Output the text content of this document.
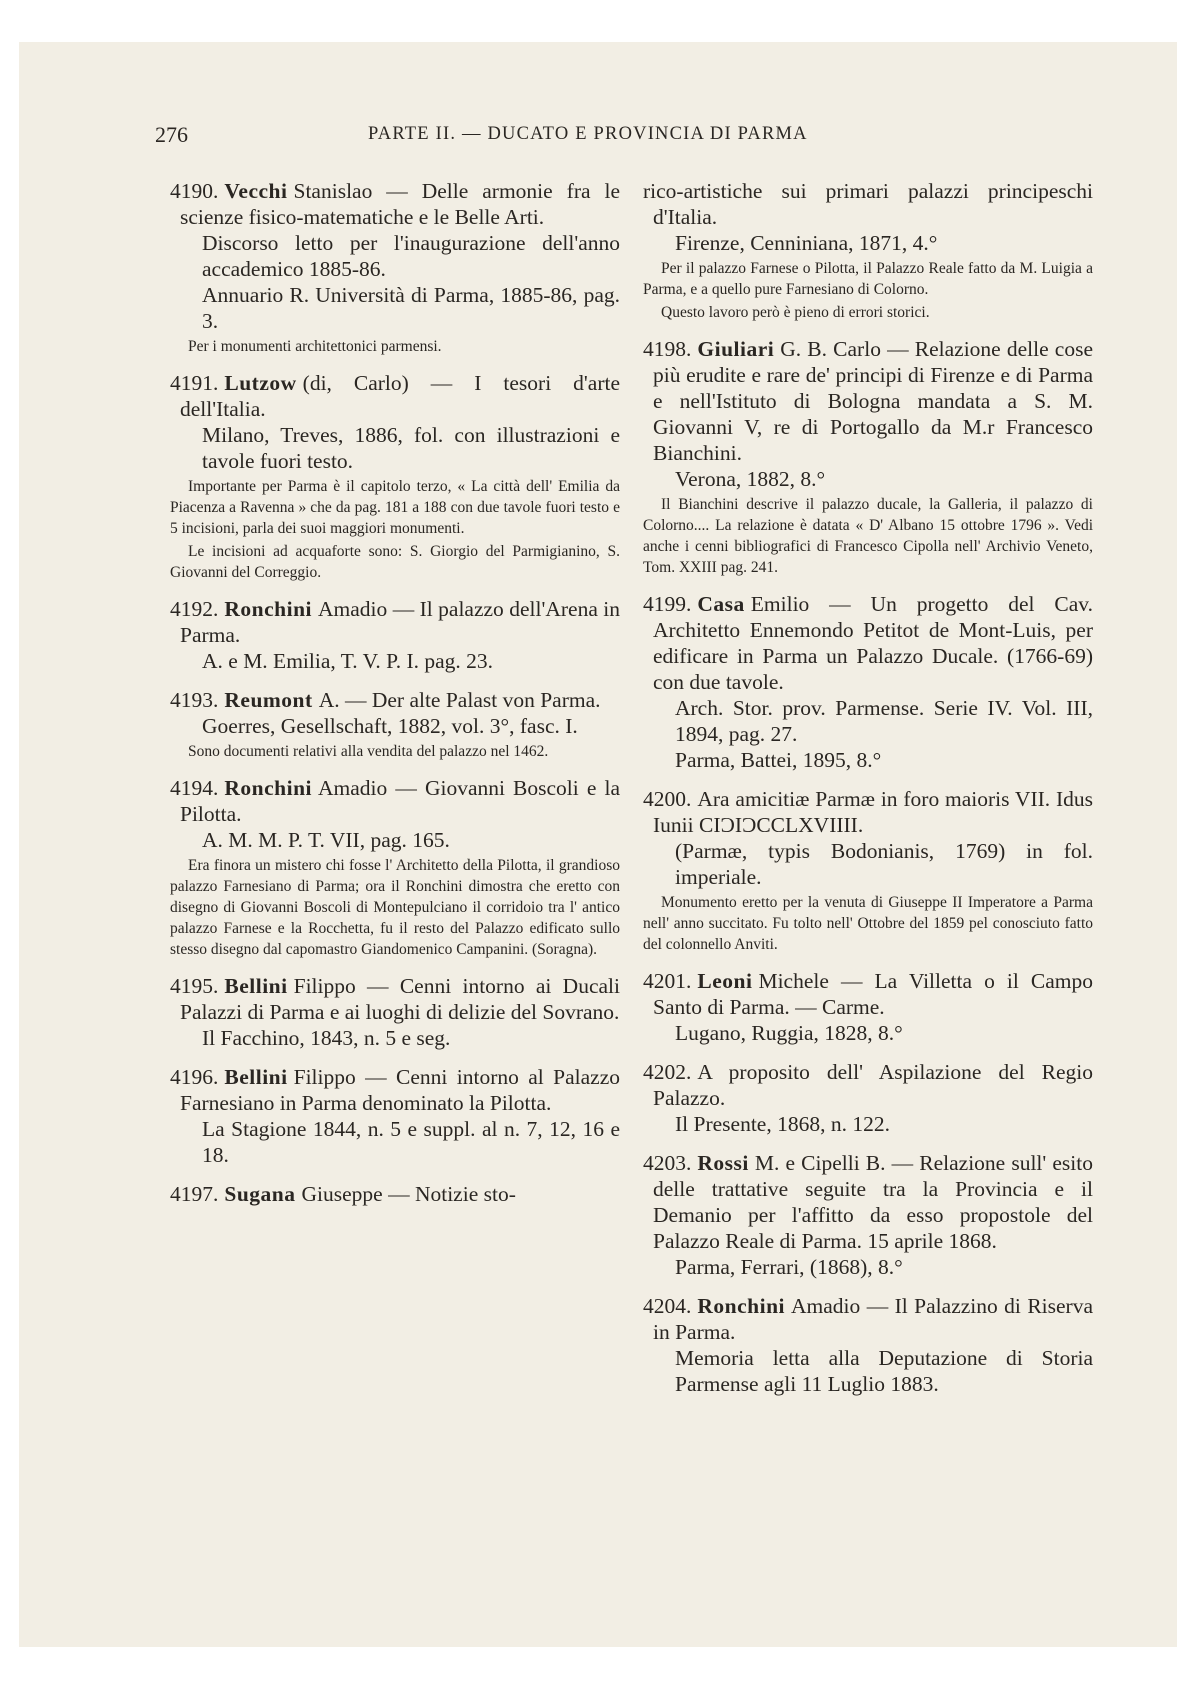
276	PARTE II. — DUCATO E PROVINCIA DI PARMA

4190. Vecchi Stanislao — Delle armonie fra le scienze fisico-matematiche e le Belle Arti.

Discorso letto per l'inaugurazione dell'anno accademico 1885-86.

Annuario R. Università di Parma, 1885-86, pag. 3.

Per i monumenti architettonici parmensi.

4191. Lutzow (di, Carlo) — I tesori d'arte dell'Italia.

Milano, Treves, 1886, fol. con illustrazioni e tavole fuori testo.

Importante per Parma è il capitolo terzo, « La città dell' Emilia da Piacenza a Ravenna » che da pag. 181 a 188 con due tavole fuori testo e 5 incisioni, parla dei suoi maggiori monumenti.

Le incisioni ad acquaforte sono: S. Giorgio del Parmigianino, S. Giovanni del Correggio.

4192. Ronchini Amadio — Il palazzo dell'Arena in Parma.

A. e M. Emilia, T. V. P. I. pag. 23.

4193. Reumont A. — Der alte Palast von Parma.

Goerres, Gesellschaft, 1882, vol. 3°, fasc. I.

Sono documenti relativi alla vendita del palazzo nel 1462.

4194. Ronchini Amadio — Giovanni Boscoli e la Pilotta.

A. M. M. P. T. VII, pag. 165.

Era finora un mistero chi fosse l' Architetto della Pilotta, il grandioso palazzo Farnesiano di Parma; ora il Ronchini dimostra che eretto con disegno di Giovanni Boscoli di Montepulciano il corridoio tra l' antico palazzo Farnese e la Rocchetta, fu il resto del Palazzo edificato sullo stesso disegno dal capomastro Giandomenico Campanini. (Soragna).

4195. Bellini Filippo — Cenni intorno ai Ducali Palazzi di Parma e ai luoghi di delizie del Sovrano.

Il Facchino, 1843, n. 5 e seg.

4196. Bellini Filippo — Cenni intorno al Palazzo Farnesiano in Parma denominato la Pilotta.

La Stagione 1844, n. 5 e suppl. al n. 7, 12, 16 e 18.

4197. Sugana Giuseppe — Notizie sto-

rico-artistiche sui primari palazzi principeschi d'Italia.

Firenze, Cenniniana, 1871, 4.°

Per il palazzo Farnese o Pilotta, il Palazzo Reale fatto da M. Luigia a Parma, e a quello pure Farnesiano di Colorno.

Questo lavoro però è pieno di errori storici.

4198. Giuliari G. B. Carlo — Relazione delle cose più erudite e rare de' principi di Firenze e di Parma e nell'Istituto di Bologna mandata a S. M. Giovanni V, re di Portogallo da M.r Francesco Bianchini.

Verona, 1882, 8.°

Il Bianchini descrive il palazzo ducale, la Galleria, il palazzo di Colorno.... La relazione è datata « D' Albano 15 ottobre 1796 ». Vedi anche i cenni bibliografici di Francesco Cipolla nell' Archivio Veneto, Tom. XXIII pag. 241.

4199. Casa Emilio — Un progetto del Cav. Architetto Ennemondo Petitot de Mont-Luis, per edificare in Parma un Palazzo Ducale. (1766-69) con due tavole.

Arch. Stor. prov. Parmense. Serie IV. Vol. III, 1894, pag. 27.

Parma, Battei, 1895, 8.°

4200. Ara amicitiæ Parmæ in foro maioris VII. Idus Iunii CIƆIƆCCLXVIIII.

(Parmæ, typis Bodonianis, 1769) in fol. imperiale.

Monumento eretto per la venuta di Giuseppe II Imperatore a Parma nell' anno succitato. Fu tolto nell' Ottobre del 1859 pel conosciuto fatto del colonnello Anviti.

4201. Leoni Michele — La Villetta o il Campo Santo di Parma. — Carme.

Lugano, Ruggia, 1828, 8.°

4202. A proposito dell' Aspilazione del Regio Palazzo.

Il Presente, 1868, n. 122.

4203. Rossi M. e Cipelli B. — Relazione sull' esito delle trattative seguite tra la Provincia e il Demanio per l'affitto da esso propostole del Palazzo Reale di Parma. 15 aprile 1868.

Parma, Ferrari, (1868), 8.°

4204. Ronchini Amadio — Il Palazzino di Riserva in Parma.

Memoria letta alla Deputazione di Storia Parmense agli 11 Luglio 1883.
